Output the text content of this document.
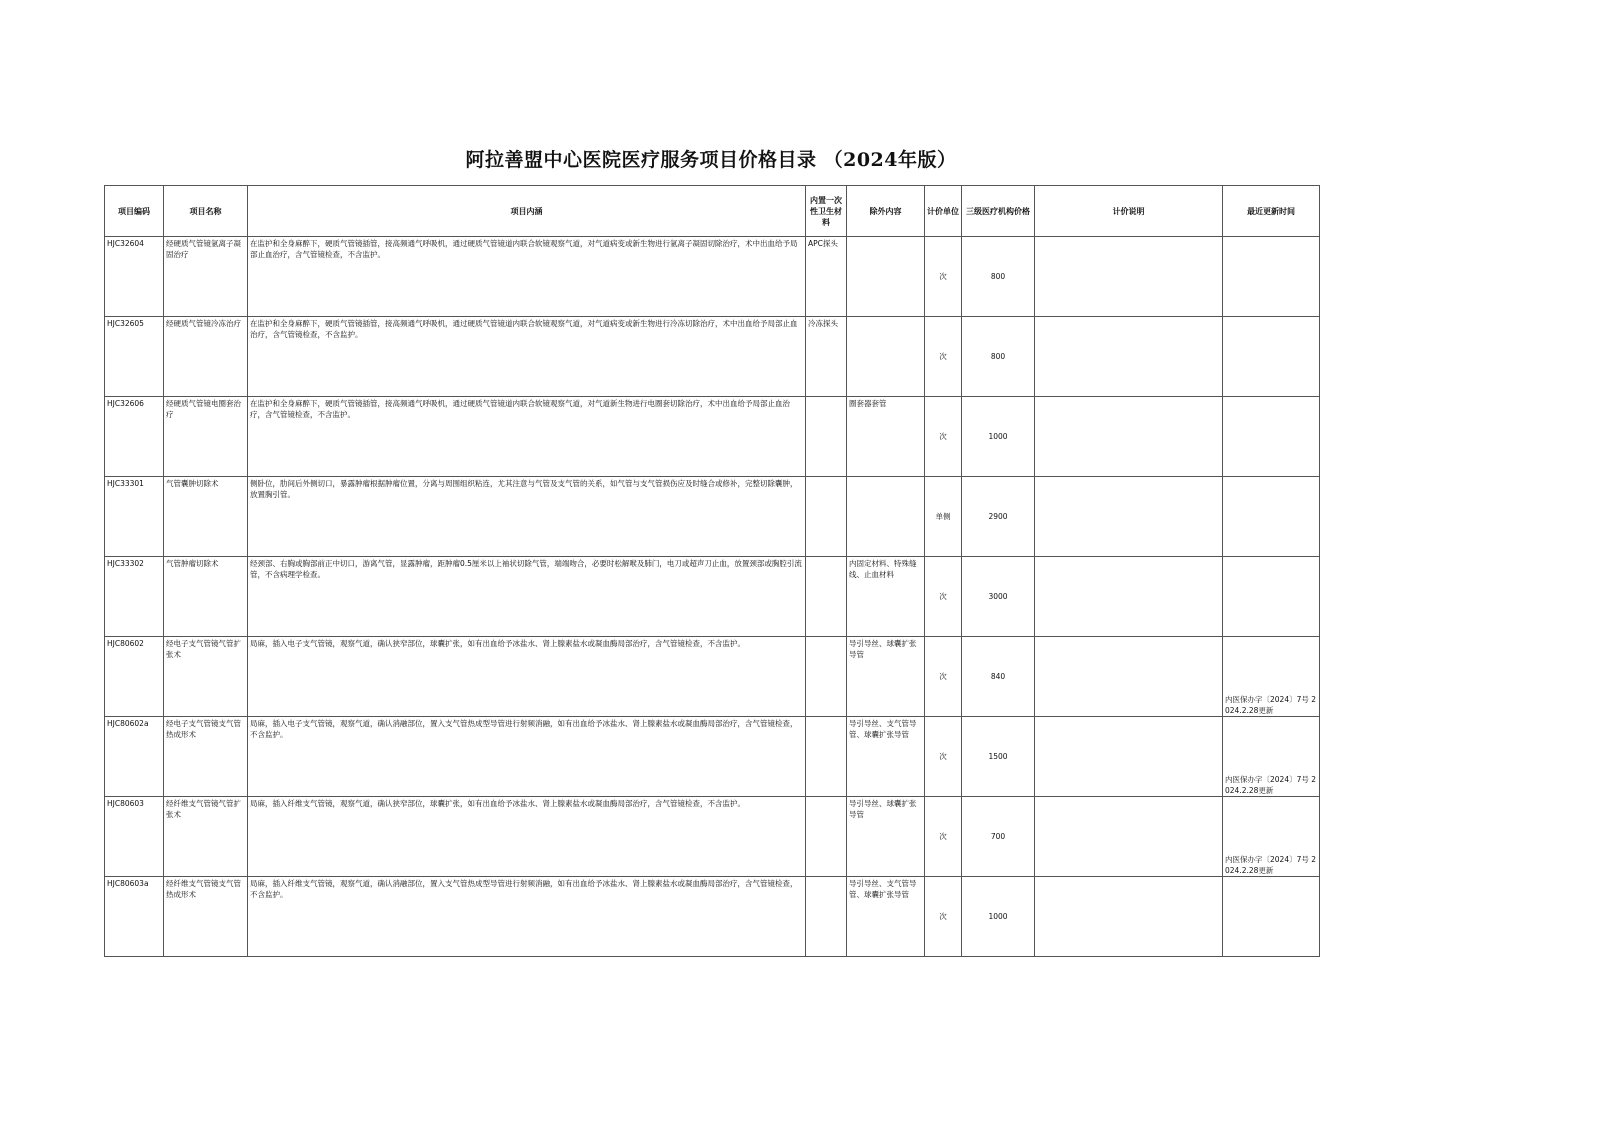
阿拉善盟中心医院医疗服务项目价格目录 （2024年版）
项目编码	项目名称	项目内涵	内置一次性卫生材料	除外内容	计价单位	三级医疗机构价格	计价说明	最近更新时间
HJC32604	经硬质气管镜氩离子凝固治疗	在监护和全身麻醉下，硬质气管镜插管，接高频通气呼吸机，通过硬质气管镜道内联合软镜观察气道，对气道病变或新生物进行氩离子凝固切除治疗，术中出血给予局部止血治疗，含气管镜检查，不含监护。	APC探头		次	800		
HJC32605	经硬质气管镜冷冻治疗	在监护和全身麻醉下，硬质气管镜插管，接高频通气呼吸机，通过硬质气管镜道内联合软镜观察气道，对气道病变或新生物进行冷冻切除治疗，术中出血给予局部止血治疗，含气管镜检查，不含监护。	冷冻探头		次	800		
HJC32606	经硬质气管镜电圈套治疗	在监护和全身麻醉下，硬质气管镜插管，接高频通气呼吸机，通过硬质气管镜道内联合软镜观察气道，对气道新生物进行电圈套切除治疗，术中出血给予局部止血治疗，含气管镜检查，不含监护。		圈套器套管	次	1000		
HJC33301	气管囊肿切除术	侧卧位，肋间后外侧切口，暴露肿瘤根据肿瘤位置，分离与周围组织粘连，尤其注意与气管及支气管的关系，如气管与支气管损伤应及时缝合或修补，完整切除囊肿，放置胸引管。			单侧	2900		
HJC33302	气管肿瘤切除术	经颈部、右胸或胸部前正中切口，游离气管，显露肿瘤，距肿瘤0.5厘米以上袖状切除气管，端端吻合，必要时松解喉及肺门，电刀或超声刀止血，放置颈部或胸腔引流管，不含病理学检查。		内固定材料、特殊缝线、止血材料	次	3000		
HJC80602	经电子支气管镜气管扩张术	局麻，插入电子支气管镜，观察气道，确认狭窄部位，球囊扩张，如有出血给予冰盐水、肾上腺素盐水或凝血酶局部治疗，含气管镜检查，不含监护。		导引导丝、球囊扩张导管	次	840		内医保办字〔2024〕7号 2024.2.28更新
HJC80602a	经电子支气管镜支气管热成形术	局麻，插入电子支气管镜，观察气道，确认消融部位，置入支气管热成型导管进行射频消融，如有出血给予冰盐水、肾上腺素盐水或凝血酶局部治疗，含气管镜检查，不含监护。		导引导丝、支气管导管、球囊扩张导管	次	1500		内医保办字〔2024〕7号 2024.2.28更新
HJC80603	经纤维支气管镜气管扩张术	局麻，插入纤维支气管镜，观察气道，确认狭窄部位，球囊扩张，如有出血给予冰盐水、肾上腺素盐水或凝血酶局部治疗，含气管镜检查，不含监护。		导引导丝、球囊扩张导管	次	700		内医保办字〔2024〕7号 2024.2.28更新
HJC80603a	经纤维支气管镜支气管热成形术	局麻，插入纤维支气管镜，观察气道，确认消融部位，置入支气管热成型导管进行射频消融，如有出血给予冰盐水、肾上腺素盐水或凝血酶局部治疗，含气管镜检查，不含监护。		导引导丝、支气管导管、球囊扩张导管	次	1000		
